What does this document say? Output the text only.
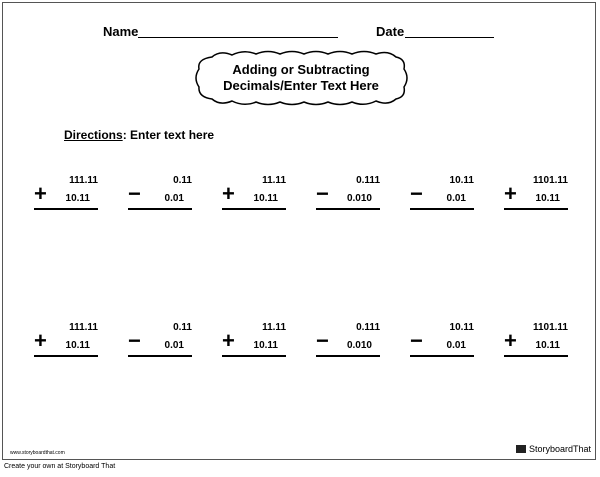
Name	Date
Adding or Subtracting
Decimals/Enter Text Here
Directions: Enter text here
111.11
+ 10.11
0.11
− 0.01
11.11
+ 10.11
0.111
− 0.010
10.11
− 0.01
1101.11
+ 10.11
111.11
+ 10.11
0.11
− 0.01
11.11
+ 10.11
0.111
− 0.010
10.11
− 0.01
1101.11
+ 10.11
www.storyboardthat.com	StoryboardThat
Create your own at Storyboard That
